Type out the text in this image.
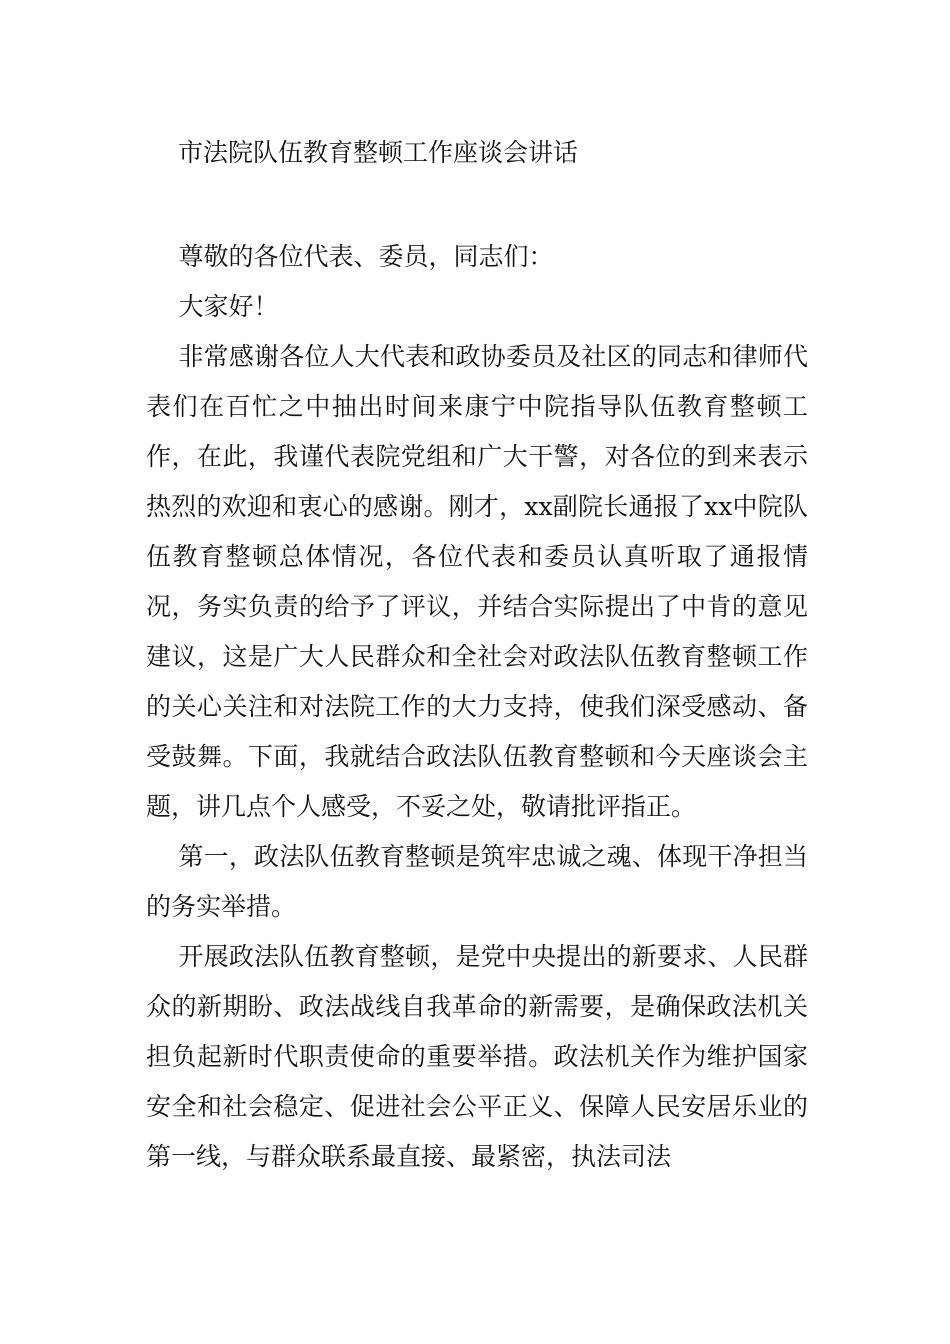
市法院队伍教育整顿工作座谈会讲话

尊敬的各位代表、委员，同志们：

大家好！

非常感谢各位人大代表和政协委员及社区的同志和律师代表们在百忙之中抽出时间来康宁中院指导队伍教育整顿工作，在此，我谨代表院党组和广大干警，对各位的到来表示热烈的欢迎和衷心的感谢。刚才，xx副院长通报了xx中院队伍教育整顿总体情况，各位代表和委员认真听取了通报情况，务实负责的给予了评议，并结合实际提出了中肯的意见建议，这是广大人民群众和全社会对政法队伍教育整顿工作的关心关注和对法院工作的大力支持，使我们深受感动、备受鼓舞。下面，我就结合政法队伍教育整顿和今天座谈会主题，讲几点个人感受，不妥之处，敬请批评指正。

第一，政法队伍教育整顿是筑牢忠诚之魂、体现干净担当的务实举措。

开展政法队伍教育整顿，是党中央提出的新要求、人民群众的新期盼、政法战线自我革命的新需要，是确保政法机关担负起新时代职责使命的重要举措。政法机关作为维护国家安全和社会稳定、促进社会公平正义、保障人民安居乐业的第一线，与群众联系最直接、最紧密，执法司法
